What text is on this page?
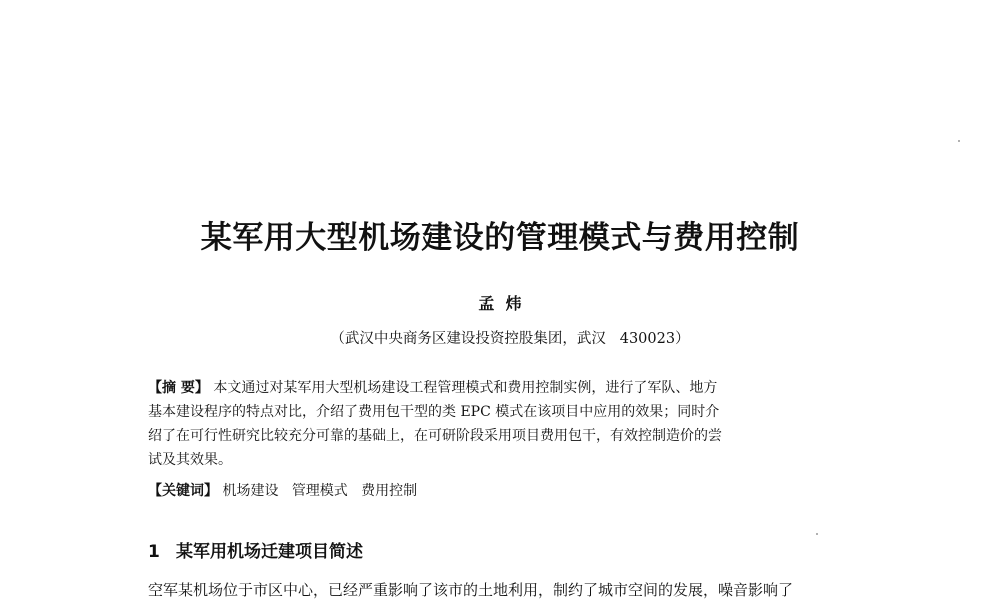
某军用大型机场建设的管理模式与费用控制
孟  炜
（武汉中央商务区建设投资控股集团，武汉   430023）
【摘 要】 本文通过对某军用大型机场建设工程管理模式和费用控制实例，进行了军队、地方
基本建设程序的特点对比，介绍了费用包干型的类 EPC 模式在该项目中应用的效果；同时介
绍了在可行性研究比较充分可靠的基础上，在可研阶段采用项目费用包干，有效控制造价的尝
试及其效果。
【关键词】 机场建设 管理模式 费用控制
1 某军用机场迁建项目简述
空军某机场位于市区中心，已经严重影响了该市的土地利用，制约了城市空间的发展，噪音影响了
